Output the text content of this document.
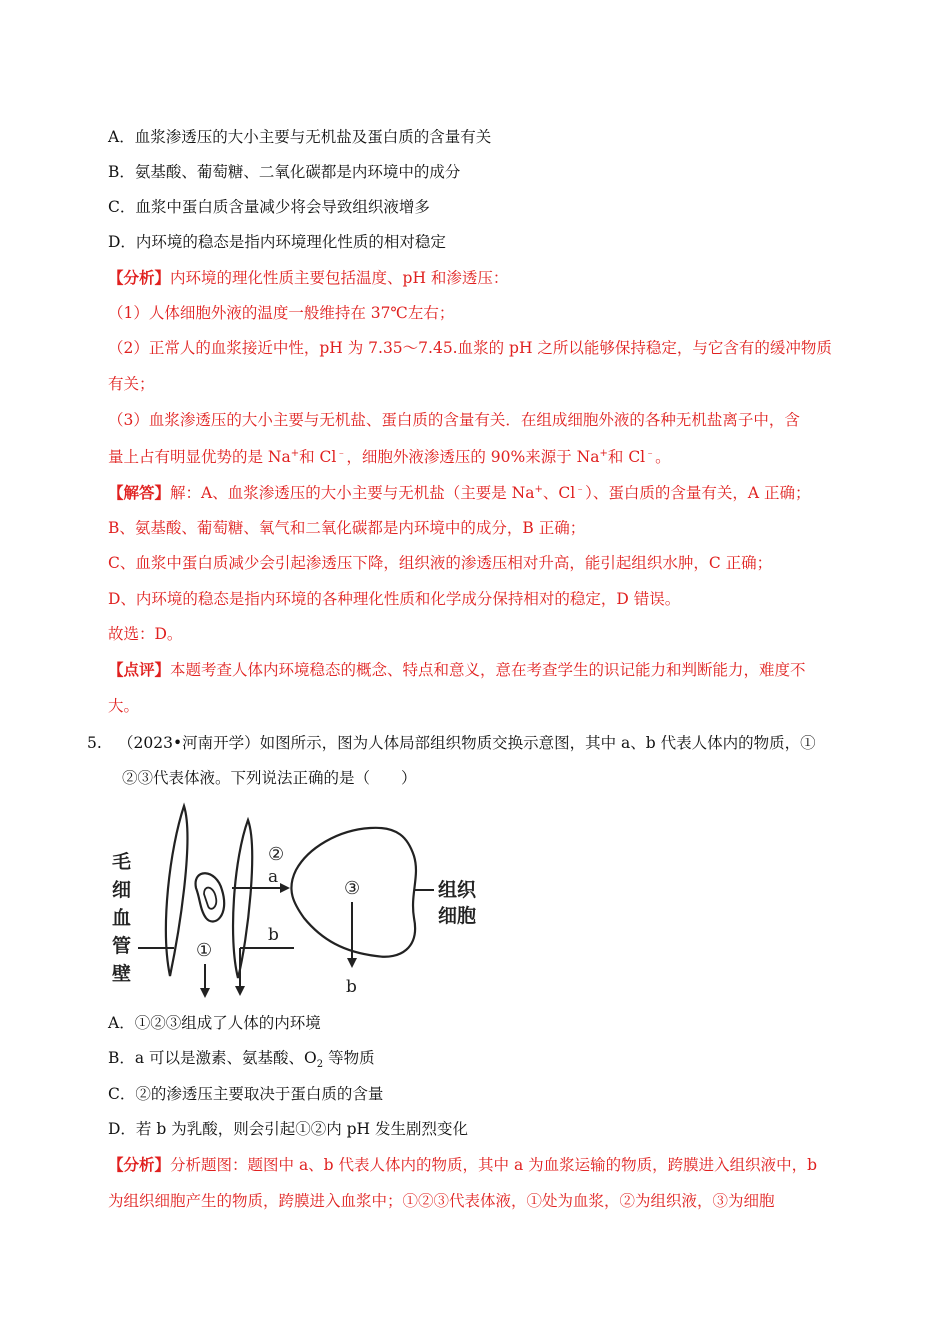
A．血浆渗透压的大小主要与无机盐及蛋白质的含量有关
B．氨基酸、葡萄糖、二氧化碳都是内环境中的成分
C．血浆中蛋白质含量减少将会导致组织液增多
D．内环境的稳态是指内环境理化性质的相对稳定
【分析】内环境的理化性质主要包括温度、pH 和渗透压：
（1）人体细胞外液的温度一般维持在 37℃左右；
（2）正常人的血浆接近中性，pH 为 7.35～7.45.血浆的 pH 之所以能够保持稳定，与它含有的缓冲物质
有关；
（3）血浆渗透压的大小主要与无机盐、蛋白质的含量有关．在组成细胞外液的各种无机盐离子中，含
量上占有明显优势的是 Na+和 Cl﹣，细胞外液渗透压的 90%来源于 Na+和 Cl﹣。
【解答】解：A、血浆渗透压的大小主要与无机盐（主要是 Na+、Cl﹣）、蛋白质的含量有关，A 正确；
B、氨基酸、葡萄糖、氧气和二氧化碳都是内环境中的成分，B 正确；
C、血浆中蛋白质减少会引起渗透压下降，组织液的渗透压相对升高，能引起组织水肿，C 正确；
D、内环境的稳态是指内环境的各种理化性质和化学成分保持相对的稳定，D 错误。
故选：D。
【点评】本题考查人体内环境稳态的概念、特点和意义，意在考查学生的识记能力和判断能力，难度不
大。
5. （2023•河南开学）如图所示，图为人体局部组织物质交换示意图，其中 a、b 代表人体内的物质，①
②③代表体液。下列说法正确的是（　　）
毛
细
血
管
壁
①
②
a
b
③
b
组织
细胞
A．①②③组成了人体的内环境
B．a 可以是激素、氨基酸、$O_2$ 等物质
C．②的渗透压主要取决于蛋白质的含量
D．若 b 为乳酸，则会引起①②内 pH 发生剧烈变化
【分析】分析题图：题图中 a、b 代表人体内的物质，其中 a 为血浆运输的物质，跨膜进入组织液中，b
为组织细胞产生的物质，跨膜进入血浆中；①②③代表体液，①处为血浆，②为组织液，③为细胞
